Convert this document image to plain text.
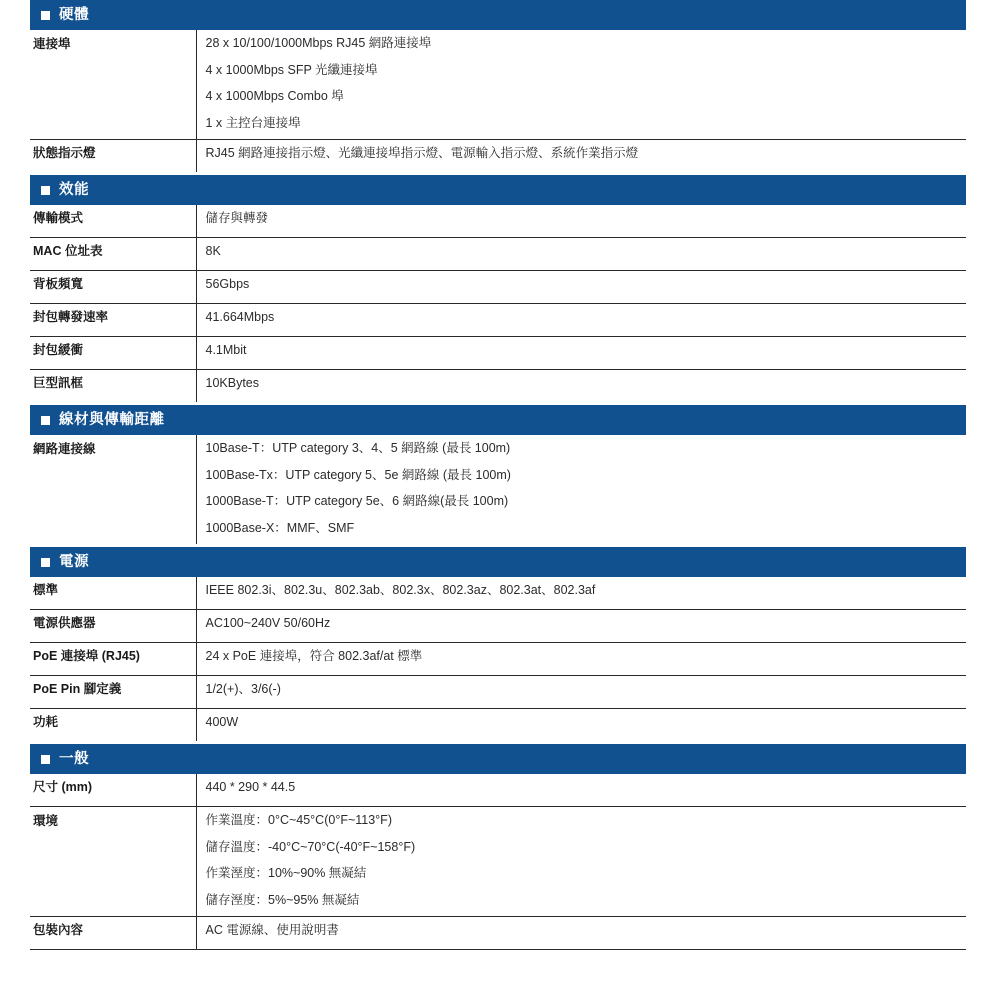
硬體	

連接埠	28 x 10/100/1000Mbps RJ45 網路連接埠
4 x 1000Mbps SFP 光纖連接埠
4 x 1000Mbps Combo 埠
1 x 主控台連接埠

狀態指示燈	RJ45 網路連接指示燈、光纖連接埠指示燈、電源輸入指示燈、系統作業指示燈

效能	

傳輸模式	儲存與轉發

MAC 位址表	8K

背板頻寬	56Gbps

封包轉發速率	41.664Mbps

封包緩衝	4.1Mbit

巨型訊框	10KBytes

線材與傳輸距離	

網路連接線	10Base-T：UTP category 3、4、5 網路線 (最長 100m)
100Base-Tx：UTP category 5、5e 網路線 (最長 100m)
1000Base-T：UTP category 5e、6 網路線(最長 100m)
1000Base-X：MMF、SMF

電源	

標準	IEEE 802.3i、802.3u、802.3ab、802.3x、802.3az、802.3at、802.3af

電源供應器	AC100~240V 50/60Hz

PoE 連接埠 (RJ45)	24 x PoE 連接埠，符合 802.3af/at 標準

PoE Pin 腳定義	1/2(+)、3/6(-)

功耗	400W

一般	

尺寸 (mm)	440 * 290 * 44.5

環境	作業溫度：0°C~45°C(0°F~113°F)
儲存溫度：-40°C~70°C(-40°F~158°F)
作業溼度：10%~90% 無凝結
儲存溼度：5%~95% 無凝結

包裝內容	AC 電源線、使用說明書
